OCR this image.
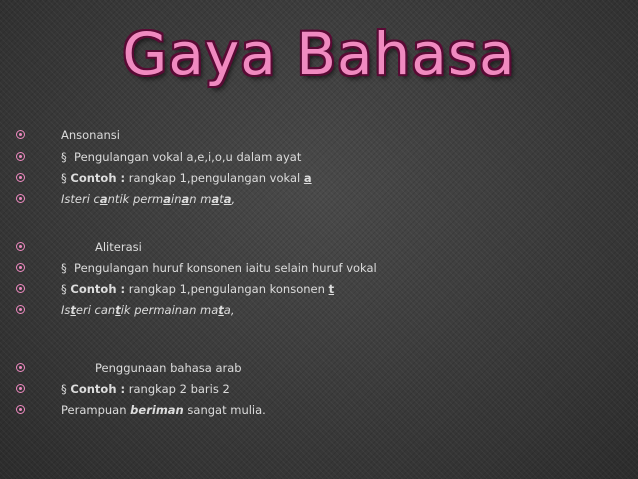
Gaya Bahasa
Ansonansi
§  Pengulangan vokal a,e,i,o,u dalam ayat
§ Contoh : rangkap 1,pengulangan vokal a
Isteri cantik permainan mata,
Aliterasi
§  Pengulangan huruf konsonen iaitu selain huruf vokal
§ Contoh : rangkap 1,pengulangan konsonen t
Isteri cantik permainan mata,
Penggunaan bahasa arab
§ Contoh : rangkap 2 baris 2
Perampuan beriman sangat mulia.
